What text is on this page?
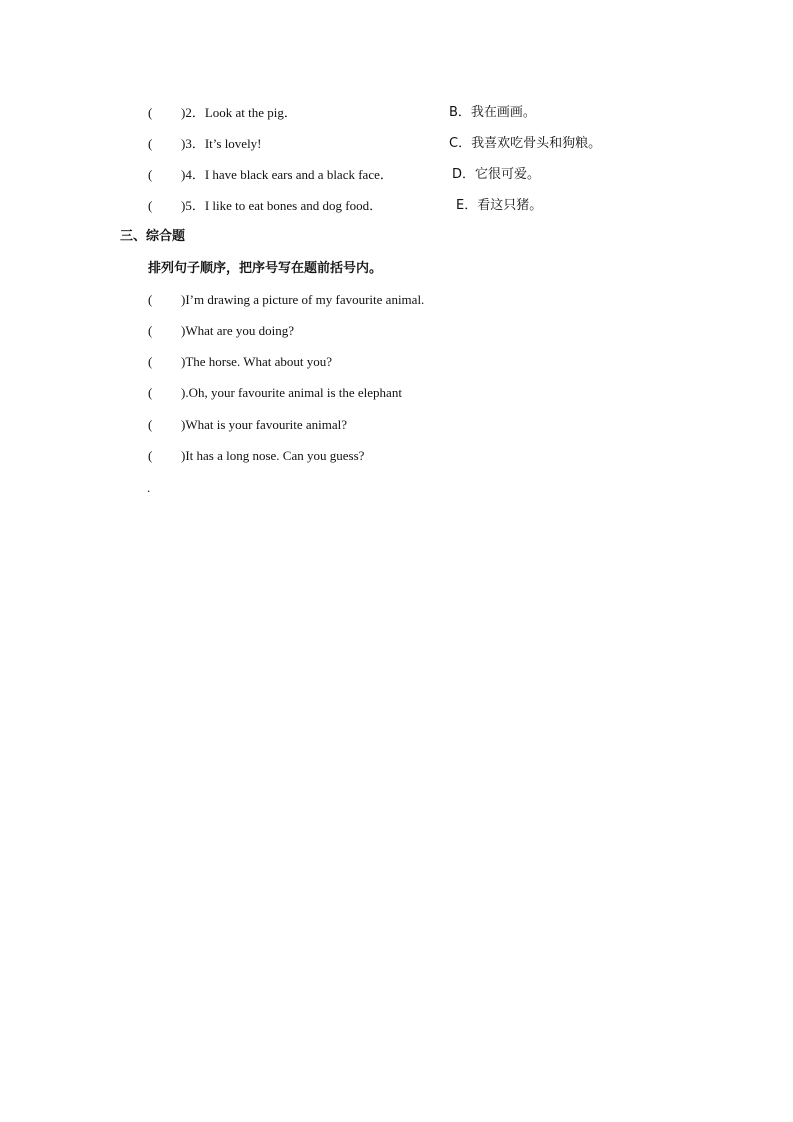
( )2．Look at the pig．	B．我在画画。
( )3．It’s lovely!	C．我喜欢吃骨头和狗粮。
( )4．I have black ears and a black face．	D．它很可爱。
( )5．I like to eat bones and dog food．	E．看这只猪。
三、综合题
排列句子顺序，把序号写在题前括号内。
( )I’m drawing a picture of my favourite animal.
( )What are you doing?
( )The horse. What about you?
( ).Oh, your favourite animal is the elephant
( )What is your favourite animal?
( )It has a long nose. Can you guess?
.
